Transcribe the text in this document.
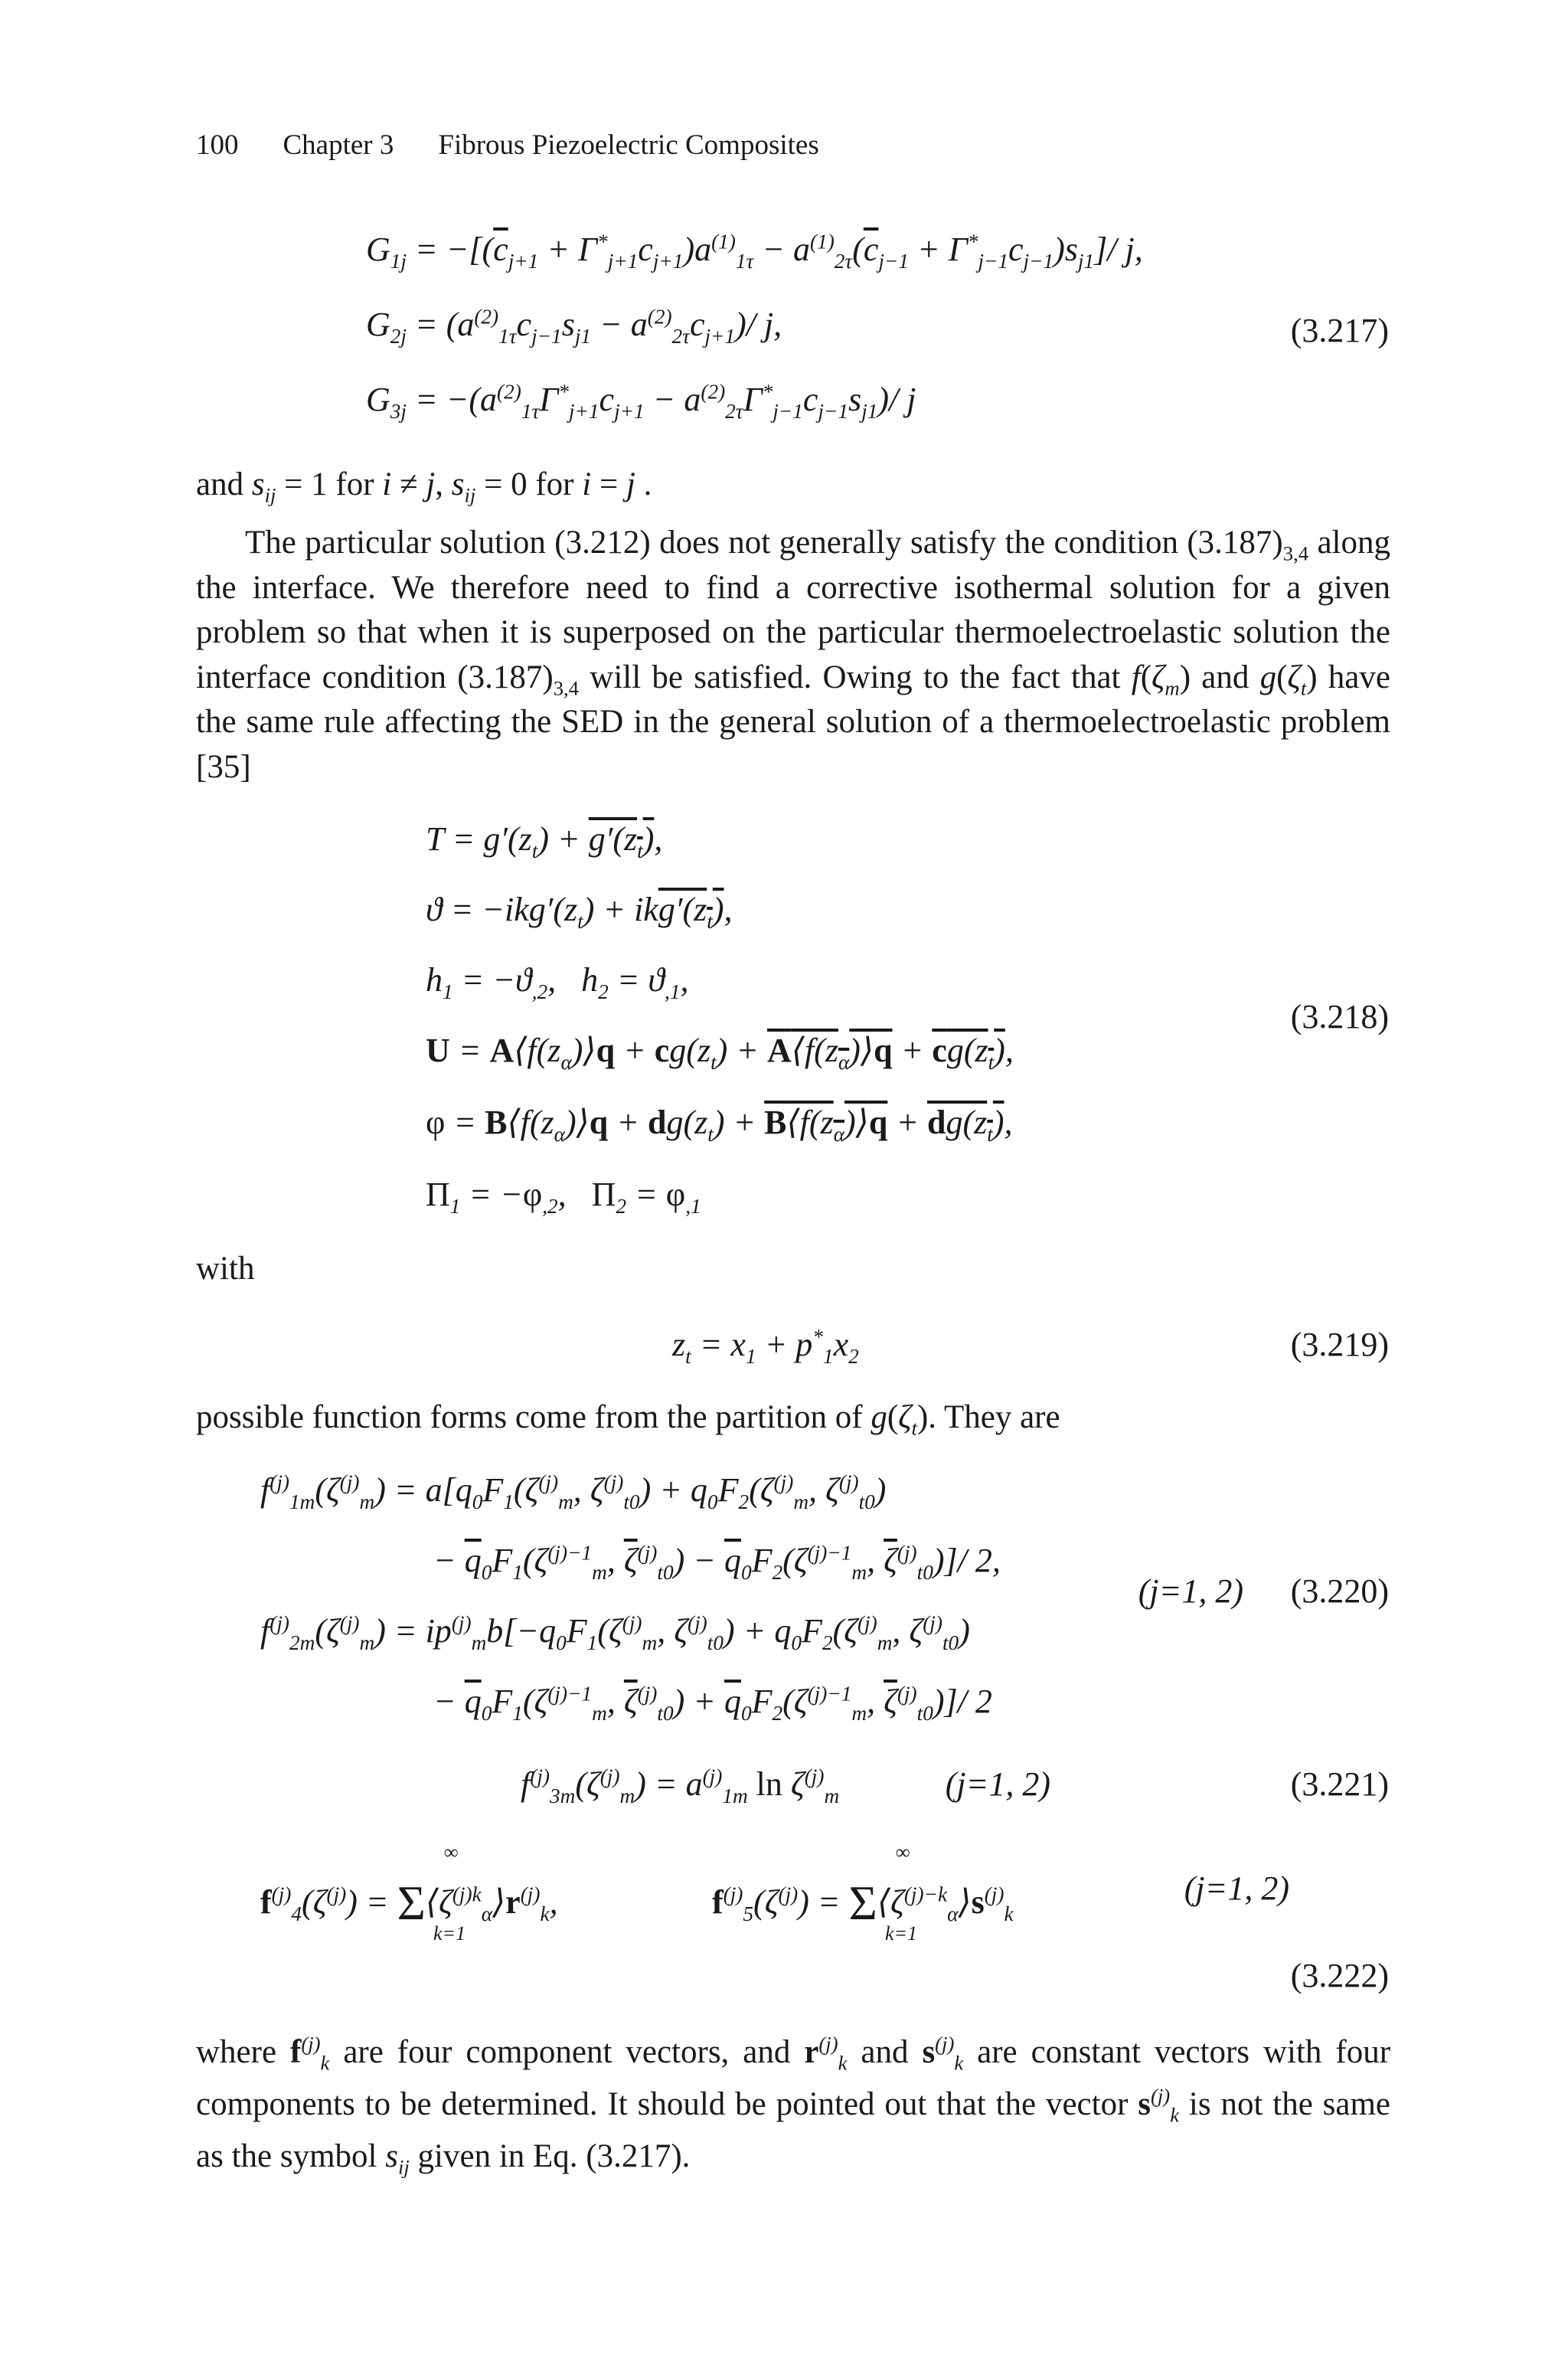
100 Chapter 3 Fibrous Piezoelectric Composites
$G_{1j} = -[(\overline{c}_{j+1} + \Gamma^*_{j+1}c_{j+1})a^{(1)}_{1\tau} - a^{(1)}_{2\tau}(\overline{c}_{j-1} + \Gamma^*_{j-1}c_{j-1})s_{j1}]/$ j,
$G_{2j} = (a^{(2)}_{1\tau}c_{j-1}s_{j1} - a^{(2)}_{2\tau}c_{j+1})/$ j,
$G_{3j} = -(a^{(2)}_{1\tau}\Gamma^*_{j+1}c_{j+1} - a^{(2)}_{2\tau}\Gamma^*_{j-1}c_{j-1}s_{j1})/$ j
(3.217)
and $s_{ij} = 1$ for i ≠ j, $s_{ij} = 0$ for i = j .
The particular solution (3.212) does not generally satisfy the condition $(3.187)_{3,4}$ along the interface. We therefore need to find a corrective isothermal solution for a given problem so that when it is superposed on the particular thermoelectroelastic solution the interface condition $(3.187)_{3,4}$ will be satisfied. Owing to the fact that $f(\zeta_m)$ and $g(\zeta_t)$ have the same rule affecting the SED in the general solution of a thermoelectroelastic problem [35]
$T = g'(z_t) + g'(z_t)$,
$ϑ = -ikg'(z_t) + ikg'(z_t)$,
$h_1 = -ϑ_{,2}$,   $h_2 = ϑ_{,1}$,
$U = A⟨f(z_\alpha)⟩q + cg(z_t)$ + $A⟨f(z_\alpha)⟩q + cg(z_t)$,
$\varphi = B⟨f(z_\alpha)⟩q + dg(z_t)$ + $B⟨f(z_\alpha)⟩q + dg(z_t)$,
$\Pi_1 = -\varphi_{,2}$,   $\Pi_2 = \varphi_{,1}$
(3.218)
with
$z_t = x_1 + p^*_1x_2$	(3.219)
possible function forms come from the partition of $g(\zeta_t)$. They are
$f^{(j)}_{1m}(\zeta^{(j)}_m) = a[q_0F_1(\zeta^{(j)}_m$, $\zeta^{(j)}_{t0}) + q_0F_2(\zeta^{(j)}_m$, $\zeta^{(j)}_{t0}$)
− $\overline{q}_0F_1(\zeta^{(j)-1}_m$, $\overline{\zeta}^{(j)}_{t0}) - \overline{q}_0F_2(\zeta^{(j)-1}_m$, $\overline{\zeta}^{(j)}_{t0})]/$ 2,
$f^{(j)}_{2m}(\zeta^{(j)}_m) = ip^{(j)}_mb[-q_0F_1(\zeta^{(j)}_m$, $\zeta^{(j)}_{t0}) + q_0F_2(\zeta^{(j)}_m$, $\zeta^{(j)}_{t0}$)
− $\overline{q}_0F_1(\zeta^{(j)-1}_m$, $\overline{\zeta}^{(j)}_{t0}) + \overline{q}_0F_2(\zeta^{(j)-1}_m$, $\overline{\zeta}^{(j)}_{t0})]/$ 2
(j=1, 2) (3.220)
$f^{(j)}_{3m}(\zeta^{(j)}_m) = a^{(j)}_{1m}$ $\ln \zeta^{(j)}_m$	(j=1, 2)	(3.221)
$f^{(j)}_4(\zeta^{(j)})$ = $\Sigma⟨\zeta^{(j)k}_\alpha⟩r^{(j)}_k$,
∞
k=1
$f^{(j)}_5(\zeta^{(j)})$ = $\Sigma⟨\zeta^{(j)-k}_\alpha⟩s^{(j)}_k$
∞
k=1
(j=1, 2)
(3.222)
where $f^{(j)}_k$ are four component vectors, and $r^{(j)}_k$ and $s^{(j)}_k$ are constant vectors with four components to be determined. It should be pointed out that the vector $s^{(j)}_k$ is not the same as the symbol $s_{ij}$ given in Eq. (3.217).
